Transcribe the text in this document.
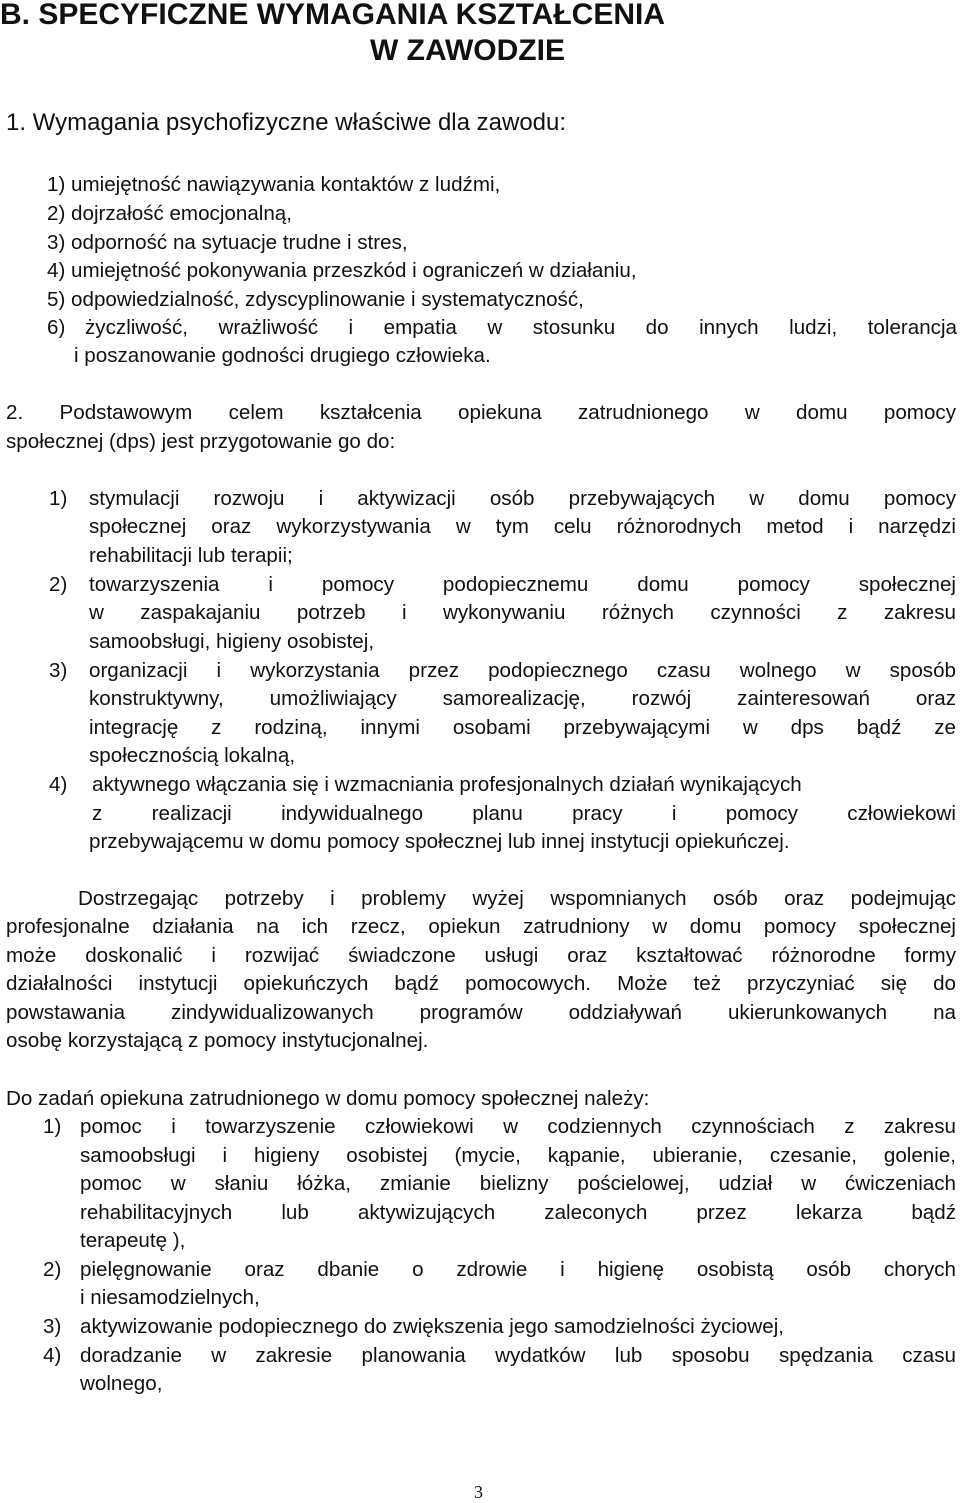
B. SPECYFICZNE WYMAGANIA KSZTAŁCENIA
W ZAWODZIE
1. Wymagania psychofizyczne właściwe dla zawodu:
1) umiejętność nawiązywania kontaktów z ludźmi,
2) dojrzałość emocjonalną,
3) odporność na sytuacje trudne i stres,
4) umiejętność pokonywania przeszkód i ograniczeń w działaniu,
5) odpowiedzialność, zdyscyplinowanie i systematyczność,
6) życzliwość, wrażliwość i empatia w stosunku do innych ludzi, tolerancja
i poszanowanie godności drugiego człowieka.
2. Podstawowym celem kształcenia opiekuna zatrudnionego w domu pomocy
społecznej (dps) jest przygotowanie go do:
1) stymulacji rozwoju i aktywizacji osób przebywających w domu pomocy
społecznej oraz wykorzystywania w tym celu różnorodnych metod i narzędzi
rehabilitacji lub terapii;
2) towarzyszenia i pomocy podopiecznemu domu pomocy społecznej
w zaspakajaniu potrzeb i wykonywaniu różnych czynności z zakresu
samoobsługi, higieny osobistej,
3) organizacji i wykorzystania przez podopiecznego czasu wolnego w sposób
konstruktywny, umożliwiający samorealizację, rozwój zainteresowań oraz
integrację z rodziną, innymi osobami przebywającymi w dps bądź ze
społecznością lokalną,
4) aktywnego włączania się i wzmacniania profesjonalnych działań wynikających
z realizacji indywidualnego planu pracy i pomocy człowiekowi
przebywającemu w domu pomocy społecznej lub innej instytucji opiekuńczej.
Dostrzegając potrzeby i problemy wyżej wspomnianych osób oraz podejmując
profesjonalne działania na ich rzecz, opiekun zatrudniony w domu pomocy społecznej
może doskonalić i rozwijać świadczone usługi oraz kształtować różnorodne formy
działalności instytucji opiekuńczych bądź pomocowych. Może też przyczyniać się do
powstawania zindywidualizowanych programów oddziaływań ukierunkowanych na
osobę korzystającą z pomocy instytucjonalnej.
Do zadań opiekuna zatrudnionego w domu pomocy społecznej należy:
1) pomoc i towarzyszenie człowiekowi w codziennych czynnościach z zakresu
samoobsługi i higieny osobistej (mycie, kąpanie, ubieranie, czesanie, golenie,
pomoc w słaniu łóżka, zmianie bielizny pościelowej, udział w ćwiczeniach
rehabilitacyjnych lub aktywizujących zaleconych przez lekarza bądź
terapeutę ),
2) pielęgnowanie oraz dbanie o zdrowie i higienę osobistą osób chorych
i niesamodzielnych,
3) aktywizowanie podopiecznego do zwiększenia jego samodzielności życiowej,
4) doradzanie w zakresie planowania wydatków lub sposobu spędzania czasu
wolnego,
3
